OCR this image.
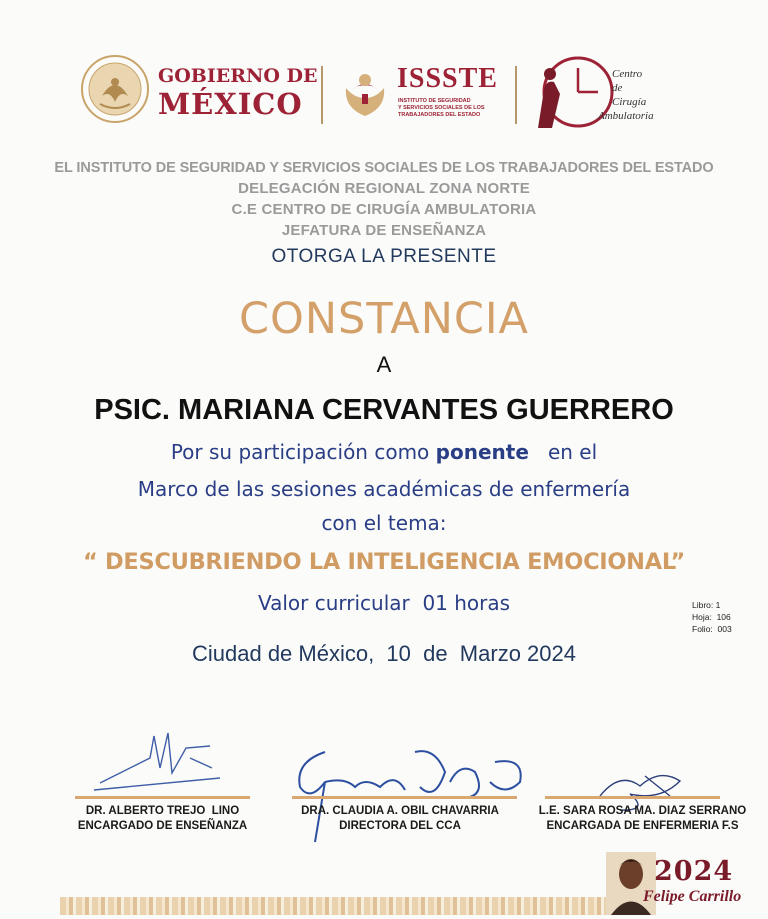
GOBIERNO DE
MÉXICO
ISSSTE
INSTITUTO DE SEGURIDAD
Y SERVICIOS SOCIALES DE LOS
TRABAJADORES DEL ESTADO
Centro
de
Cirugía
Ambulatoria
EL INSTITUTO DE SEGURIDAD Y SERVICIOS SOCIALES DE LOS TRABAJADORES DEL ESTADO
DELEGACIÓN REGIONAL ZONA NORTE
C.E CENTRO DE CIRUGÍA AMBULATORIA
JEFATURA DE ENSEÑANZA
OTORGA LA PRESENTE
CONSTANCIA
A
PSIC. MARIANA CERVANTES GUERRERO
Por su participación como ponente   en el
Marco de las sesiones académicas de enfermería
con el tema:
“ DESCUBRIENDO LA INTELIGENCIA EMOCIONAL”
Valor curricular  01 horas	Libro: 1
Hoja:  106
Folio:  003
Ciudad de México,  10  de  Marzo 2024
DR. ALBERTO TREJO  LINO
ENCARGADO DE ENSEÑANZA
DRA. CLAUDIA A. OBIL CHAVARRIA
DIRECTORA DEL CCA
L.E. SARA ROSA MA. DIAZ SERRANO
ENCARGADA DE ENFERMERIA F.S
2024
Felipe Carrillo
